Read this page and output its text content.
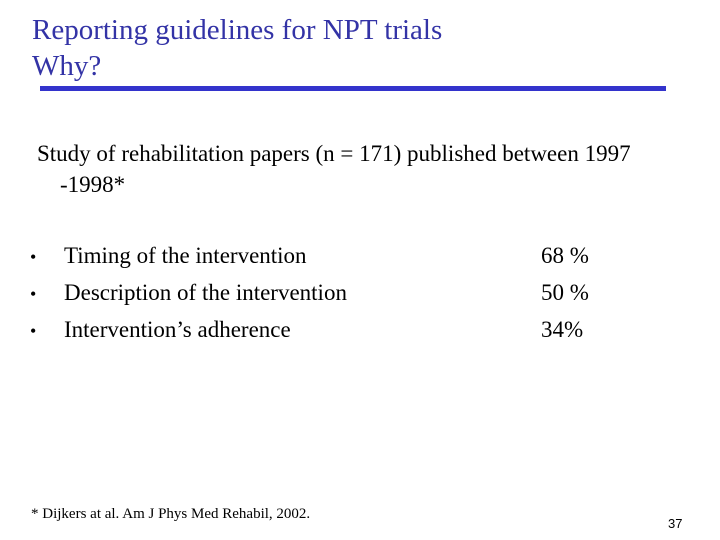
Reporting guidelines for NPT trials
Why?

Study of rehabilitation papers (n = 171) published between 1997
-1998*

•	Timing of the intervention	68 %
•	Description of the intervention	50 %
•	Intervention’s adherence	34%

* Dijkers at al. Am J Phys Med Rehabil, 2002.

37
